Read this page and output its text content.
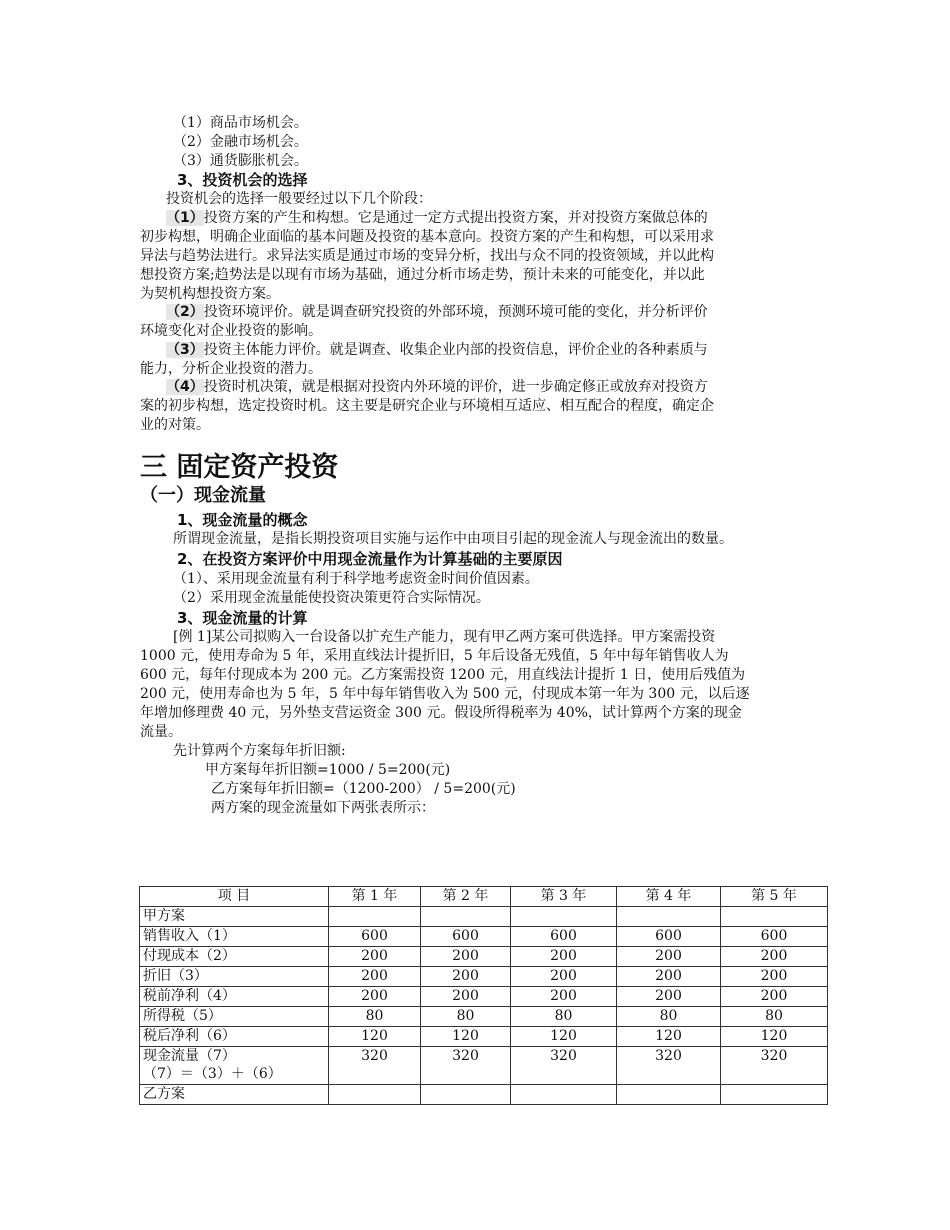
（1）商品市场机会。
（2）金融市场机会。
（3）通货膨胀机会。
3、投资机会的选择
投资机会的选择一般要经过以下几个阶段：
（1）投资方案的产生和构想。它是通过一定方式提出投资方案，并对投资方案做总体的
初步构想，明确企业面临的基本问题及投资的基本意向。投资方案的产生和构想，可以采用求
异法与趋势法进行。求异法实质是通过市场的变异分析，找出与众不同的投资领域，并以此构
想投资方案;趋势法是以现有市场为基础，通过分析市场走势，预计未来的可能变化，并以此
为契机构想投资方案。
（2）投资环境评价。就是调查研究投资的外部环境，预测环境可能的变化，并分析评价
环境变化对企业投资的影响。
（3）投资主体能力评价。就是调查、收集企业内部的投资信息，评价企业的各种素质与
能力，分析企业投资的潜力。
（4）投资时机决策，就是根据对投资内外环境的评价，进一步确定修正或放弃对投资方
案的初步构想，选定投资时机。这主要是研究企业与环境相互适应、相互配合的程度，确定企
业的对策。
三 固定资产投资
（一）现金流量
1、现金流量的概念
所谓现金流量，是指长期投资项目实施与运作中由项目引起的现金流人与现金流出的数量。
2、在投资方案评价中用现金流量作为计算基础的主要原因
（1）、采用现金流量有利于科学地考虑资金时间价值因素。
（2）采用现金流量能使投资决策更符合实际情况。
3、现金流量的计算
[例 1]某公司拟购入一台设备以扩充生产能力，现有甲乙两方案可供选择。甲方案需投资
1000 元，使用寿命为 5 年，采用直线法计提折旧，5 年后设备无残值，5 年中每年销售收人为
600 元，每年付现成本为 200 元。乙方案需投资 1200 元，用直线法计提折 1 日，使用后残值为
200 元，使用寿命也为 5 年，5 年中每年销售收入为 500 元，付现成本第一年为 300 元，以后逐
年增加修理费 40 元，另外垫支营运资金 300 元。假设所得税率为 40%，试计算两个方案的现金
流量。
先计算两个方案每年折旧额:
甲方案每年折旧额=1000 / 5=200(元)
乙方案每年折旧额=（1200-200） / 5=200(元)
两方案的现金流量如下两张表所示：
项 目	第 1 年	第 2 年	第 3 年	第 4 年	第 5 年
甲方案					
销售收入（1）	600	600	600	600	600
付现成本（2）	200	200	200	200	200
折旧（3）	200	200	200	200	200
税前净利（4）	200	200	200	200	200
所得税（5）	80	80	80	80	80
税后净利（6）	120	120	120	120	120

现金流量（7）
（7）＝（3）＋（6）	320	320	320	320	320
乙方案					
